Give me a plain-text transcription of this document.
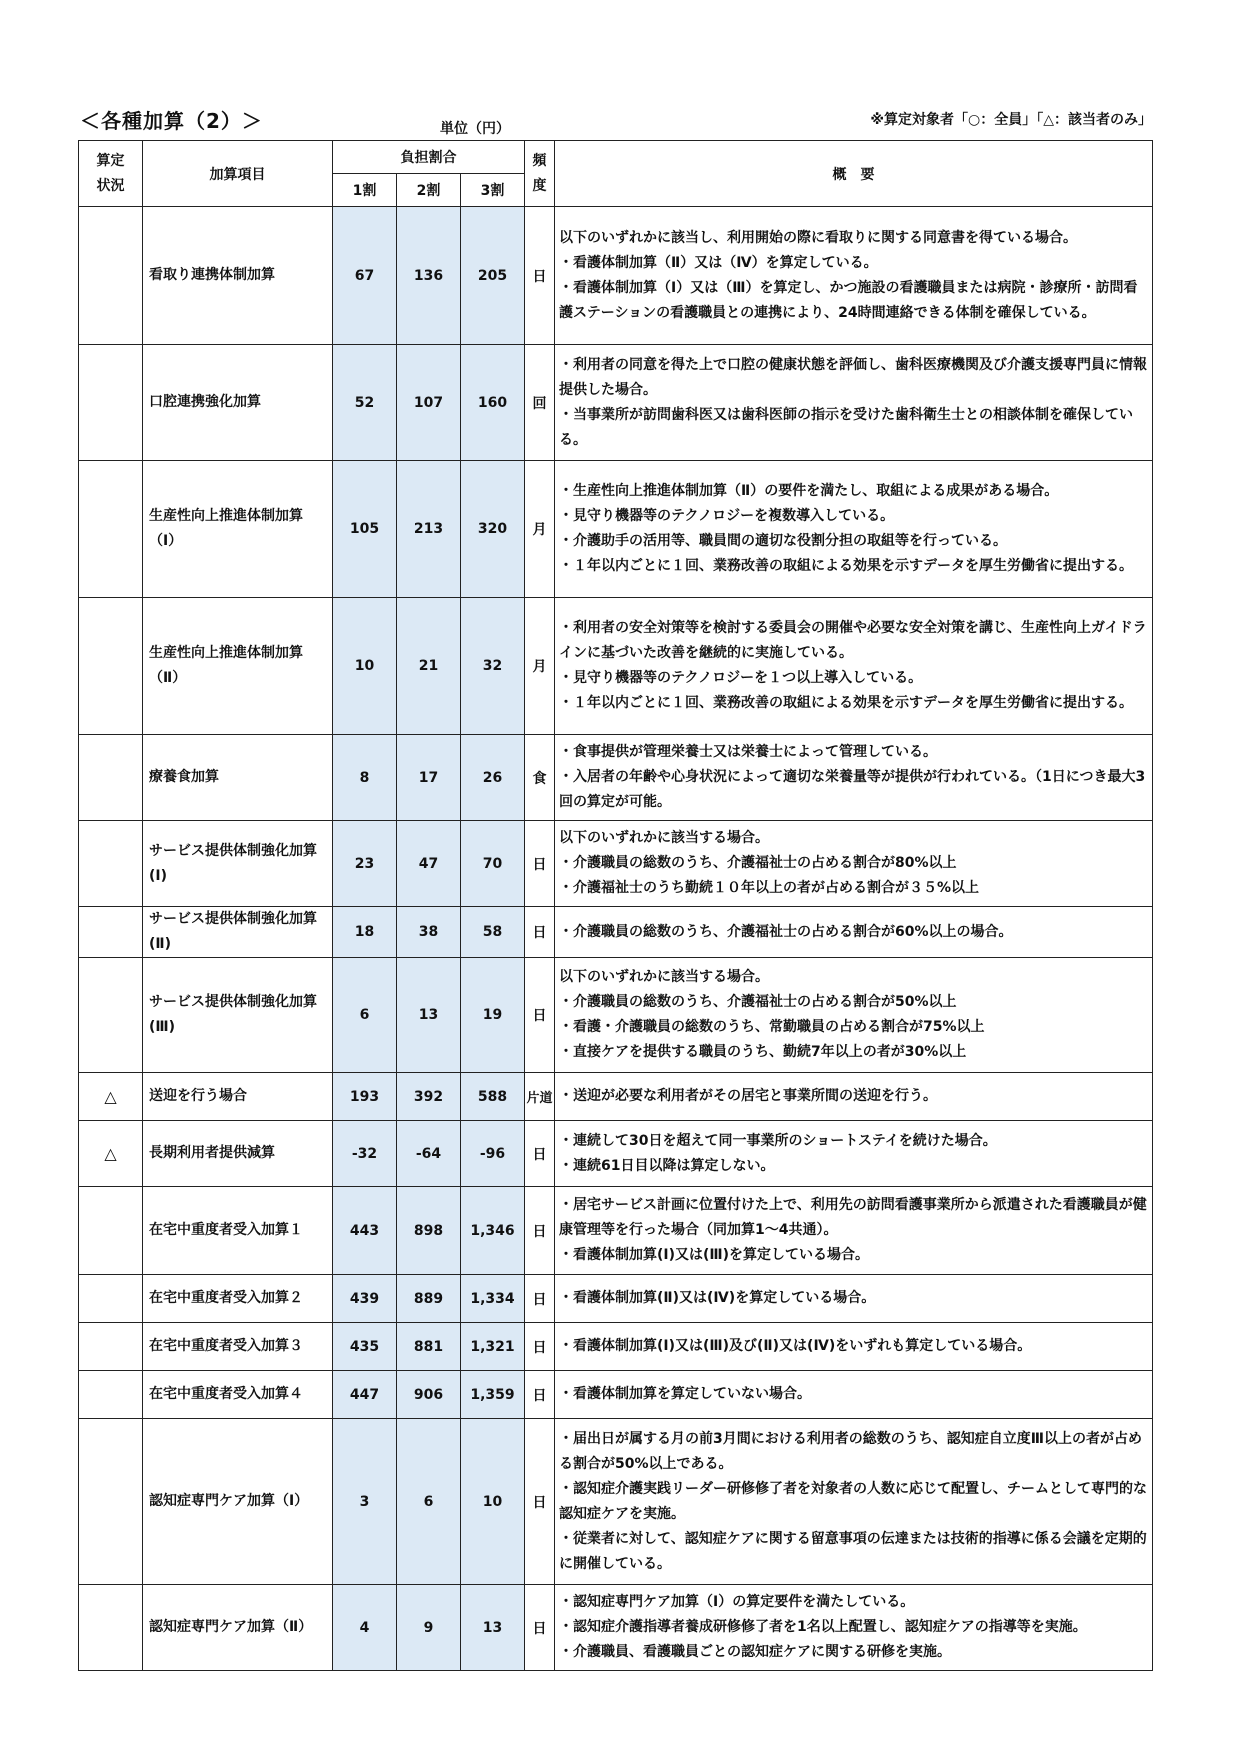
＜各種加算（2）＞	単位（円）
※算定対象者「○：全員」「△：該当者のみ」
算定状況	加算項目	負担割合			頻度	概　要
		1割	2割	3割		
	看取り連携体制加算	67	136	205	日	以下のいずれかに該当し、利用開始の際に看取りに関する同意書を得ている場合。
・看護体制加算（Ⅱ）又は（Ⅳ）を算定している。
・看護体制加算（Ⅰ）又は（Ⅲ）を算定し、かつ施設の看護職員または病院・診療所・訪問看護ステーションの看護職員との連携により、24時間連絡できる体制を確保している。

	口腔連携強化加算	52	107	160	回	・利用者の同意を得た上で口腔の健康状態を評価し、歯科医療機関及び介護支援専門員に情報提供した場合。
・当事業所が訪問歯科医又は歯科医師の指示を受けた歯科衛生士との相談体制を確保している。

	生産性向上推進体制加算（Ⅰ）	105	213	320	月	・生産性向上推進体制加算（Ⅱ）の要件を満たし、取組による成果がある場合。
・見守り機器等のテクノロジーを複数導入している。
・介護助手の活用等、職員間の適切な役割分担の取組等を行っている。
・１年以内ごとに１回、業務改善の取組による効果を示すデータを厚生労働省に提出する。

	生産性向上推進体制加算（Ⅱ）	10	21	32	月	・利用者の安全対策等を検討する委員会の開催や必要な安全対策を講じ、生産性向上ガイドラインに基づいた改善を継続的に実施している。
・見守り機器等のテクノロジーを１つ以上導入している。
・１年以内ごとに１回、業務改善の取組による効果を示すデータを厚生労働省に提出する。

	療養食加算	8	17	26	食	・食事提供が管理栄養士又は栄養士によって管理している。
・入居者の年齢や心身状況によって適切な栄養量等が提供が行われている。（1日につき最大3回の算定が可能。

	サービス提供体制強化加算(Ⅰ)	23	47	70	日	以下のいずれかに該当する場合。
・介護職員の総数のうち、介護福祉士の占める割合が80%以上
・介護福祉士のうち勤続１０年以上の者が占める割合が３５%以上

	サービス提供体制強化加算(Ⅱ)	18	38	58	日	・介護職員の総数のうち、介護福祉士の占める割合が60%以上の場合。

	サービス提供体制強化加算(Ⅲ)	6	13	19	日	以下のいずれかに該当する場合。
・介護職員の総数のうち、介護福祉士の占める割合が50%以上
・看護・介護職員の総数のうち、常勤職員の占める割合が75%以上
・直接ケアを提供する職員のうち、勤続7年以上の者が30%以上

△	送迎を行う場合	193	392	588	片道	・送迎が必要な利用者がその居宅と事業所間の送迎を行う。

△	長期利用者提供減算	-32	-64	-96	日	・連続して30日を超えて同一事業所のショートステイを続けた場合。
・連続61日目以降は算定しない。

	在宅中重度者受入加算１	443	898	1,346	日	・居宅サービス計画に位置付けた上で、利用先の訪問看護事業所から派遣された看護職員が健康管理等を行った場合（同加算1～4共通）。
・看護体制加算(Ⅰ)又は(Ⅲ)を算定している場合。

	在宅中重度者受入加算２	439	889	1,334	日	・看護体制加算(Ⅱ)又は(Ⅳ)を算定している場合。

	在宅中重度者受入加算３	435	881	1,321	日	・看護体制加算(Ⅰ)又は(Ⅲ)及び(Ⅱ)又は(Ⅳ)をいずれも算定している場合。

	在宅中重度者受入加算４	447	906	1,359	日	・看護体制加算を算定していない場合。

	認知症専門ケア加算（Ⅰ）	3	6	10	日	・届出日が属する月の前3月間における利用者の総数のうち、認知症自立度Ⅲ以上の者が占める割合が50%以上である。
・認知症介護実践リーダー研修修了者を対象者の人数に応じて配置し、チームとして専門的な認知症ケアを実施。
・従業者に対して、認知症ケアに関する留意事項の伝達または技術的指導に係る会議を定期的に開催している。

	認知症専門ケア加算（Ⅱ）	4	9	13	日	・認知症専門ケア加算（Ⅰ）の算定要件を満たしている。
・認知症介護指導者養成研修修了者を1名以上配置し、認知症ケアの指導等を実施。
・介護職員、看護職員ごとの認知症ケアに関する研修を実施。
